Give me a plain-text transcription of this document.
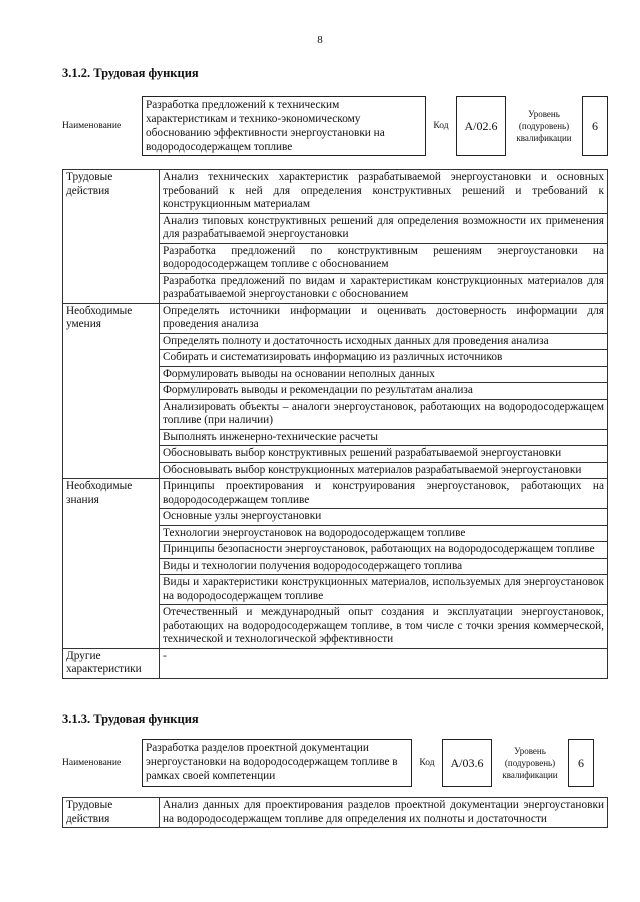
8
3.1.2. Трудовая функция
Наименование
Разработка предложений к техническим характеристикам и технико-экономическому обоснованию эффективности энергоустановки на водородосодержащем топливе
Код	A/02.6
Уровень (подуровень) квалификации
6
Трудовые действия	Анализ технических характеристик разрабатываемой энергоустановки и основных требований к ней для определения конструктивных решений и требований к конструкционным материалам
	Анализ типовых конструктивных решений для определения возможности их применения для разрабатываемой энергоустановки
	Разработка предложений по конструктивным решениям энергоустановки на водородосодержащем топливе с обоснованием
	Разработка предложений по видам и характеристикам конструкционных материалов для разрабатываемой энергоустановки с обоснованием
Необходимые умения	Определять источники информации и оценивать достоверность информации для проведения анализа
	Определять полноту и достаточность исходных данных для проведения анализа
	Собирать и систематизировать информацию из различных источников
	Формулировать выводы на основании неполных данных
	Формулировать выводы и рекомендации по результатам анализа
	Анализировать объекты – аналоги энергоустановок, работающих на водородосодержащем топливе (при наличии)
	Выполнять инженерно-технические расчеты
	Обосновывать выбор конструктивных решений разрабатываемой энергоустановки
	Обосновывать выбор конструкционных материалов разрабатываемой энергоустановки
Необходимые знания	Принципы проектирования и конструирования энергоустановок, работающих на водородосодержащем топливе
	Основные узлы энергоустановки
	Технологии энергоустановок на водородосодержащем топливе
	Принципы безопасности энергоустановок, работающих на водородосодержащем топливе
	Виды и технологии получения водородосодержащего топлива
	Виды и характеристики конструкционных материалов, используемых для энергоустановок на водородосодержащем топливе
	Отечественный и международный опыт создания и эксплуатации энергоустановок, работающих на водородосодержащем топливе, в том числе с точки зрения коммерческой, технической и технологической эффективности
Другие характеристики	-
3.1.3. Трудовая функция
Наименование
Разработка разделов проектной документации энергоустановки на водородосодержащем топливе в рамках своей компетенции
Код	A/03.6
Уровень (подуровень) квалификации
6
Трудовые действия	Анализ данных для проектирования разделов проектной документации энергоустановки на водородосодержащем топливе для определения их полноты и достаточности
